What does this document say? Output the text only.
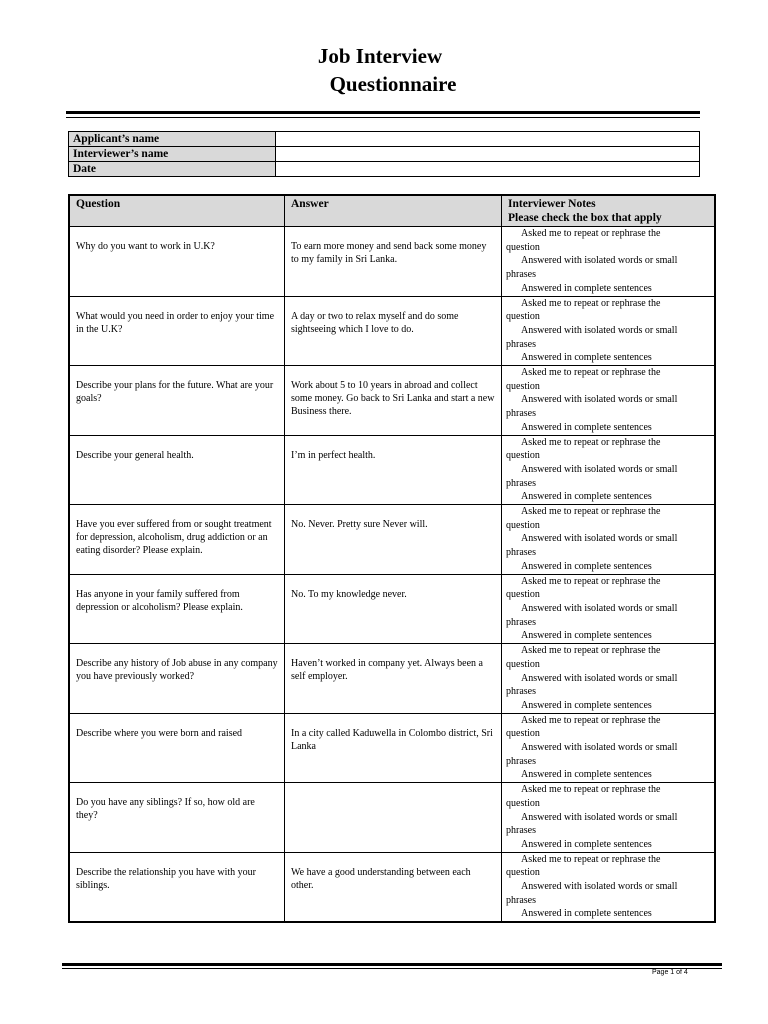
Job Interview
Questionnaire
Applicant’s name	
Interviewer’s name	
Date	
Question	Answer	Interviewer Notes
Please check the box that apply

Why do you want to work in U.K?	To earn more money and send back some money to my family in Sri Lanka.	Asked me to repeat or rephrase the
question
Answered with isolated words or small
phrases
Answered in complete sentences

What would you need in order to enjoy your time in the U.K?	A day or two to relax myself and do some sightseeing which I love to do.	Asked me to repeat or rephrase the
question
Answered with isolated words or small
phrases
Answered in complete sentences

Describe your plans for the future. What are your goals?	Work about 5 to 10 years in abroad and collect some money. Go back to Sri Lanka and start a new Business there.	Asked me to repeat or rephrase the
question
Answered with isolated words or small
phrases
Answered in complete sentences

Describe your general health.	I’m in perfect health.	Asked me to repeat or rephrase the
question
Answered with isolated words or small
phrases
Answered in complete sentences

Have you ever suffered from or sought treatment for depression, alcoholism, drug addiction or an eating disorder? Please explain.	No. Never. Pretty sure Never will.	Asked me to repeat or rephrase the
question
Answered with isolated words or small
phrases
Answered in complete sentences

Has anyone in your family suffered from depression or alcoholism? Please explain.	No. To my knowledge never.	Asked me to repeat or rephrase the
question
Answered with isolated words or small
phrases
Answered in complete sentences

Describe any history of Job abuse in any company you have previously worked?	Haven’t worked in company yet. Always been a self employer.	Asked me to repeat or rephrase the
question
Answered with isolated words or small
phrases
Answered in complete sentences

Describe where you were born and raised	In a city called Kaduwella in Colombo district, Sri Lanka	Asked me to repeat or rephrase the
question
Answered with isolated words or small
phrases
Answered in complete sentences

Do you have any siblings? If so, how old are they?		Asked me to repeat or rephrase the
question
Answered with isolated words or small
phrases
Answered in complete sentences

Describe the relationship you have with your siblings.	We have a good understanding between each other.	Asked me to repeat or rephrase the
question
Answered with isolated words or small
phrases
Answered in complete sentences
Page 1 of 4
